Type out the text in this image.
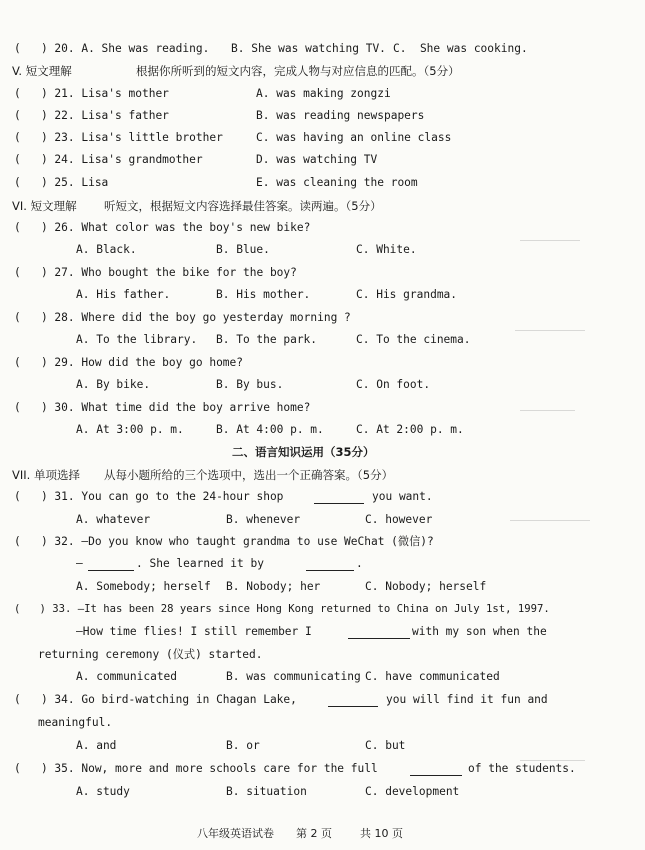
(   ) 20. A. She was reading. B. She was watching TV. C.  She was cooking.
V. 短文理解	根据你所听到的短文内容，完成人物与对应信息的匹配。（5分）
(   ) 21. Lisa's mother	A. was making zongzi
(   ) 22. Lisa's father	B. was reading newspapers
(   ) 23. Lisa's little brother	C. was having an online class
(   ) 24. Lisa's grandmother	D. was watching TV
(   ) 25. Lisa	E. was cleaning the room
VI. 短文理解 听短文，根据短文内容选择最佳答案。读两遍。（5分）
(   ) 26. What color was the boy's new bike?
A. Black.	B. Blue.	C. White.
(   ) 27. Who bought the bike for the boy?
A. His father.	B. His mother.	C. His grandma.
(   ) 28. Where did the boy go yesterday morning ?
A. To the library. B. To the park.	C. To the cinema.
(   ) 29. How did the boy go home?
A. By bike.	B. By bus.	C. On foot.
(   ) 30. What time did the boy arrive home?
A. At 3:00 p. m.	B. At 4:00 p. m.	C. At 2:00 p. m.
二、语言知识运用（35分）
VII. 单项选择 从每小题所给的三个选项中，选出一个正确答案。（5分）
(   ) 31. You can go to the 24-hour shop	you want.
A. whatever	B. whenever	C. however
(   ) 32. —Do you know who taught grandma to use WeChat (微信)?
—	. She learned it by	.
A. Somebody; herself B. Nobody; her	C. Nobody; herself
(   ) 33. —It has been 28 years since Hong Kong returned to China on July 1st, 1997.
—How time flies! I still remember I	with my son when the
returning ceremony (仪式) started.
A. communicated	B. was communicating C. have communicated
(   ) 34. Go bird-watching in Chagan Lake,	you will find it fun and
meaningful.
A. and	B. or	C. but
(   ) 35. Now, more and more schools care for the full	of the students.
A. study	B. situation	C. development
八年级英语试卷 第 2 页	共 10 页
